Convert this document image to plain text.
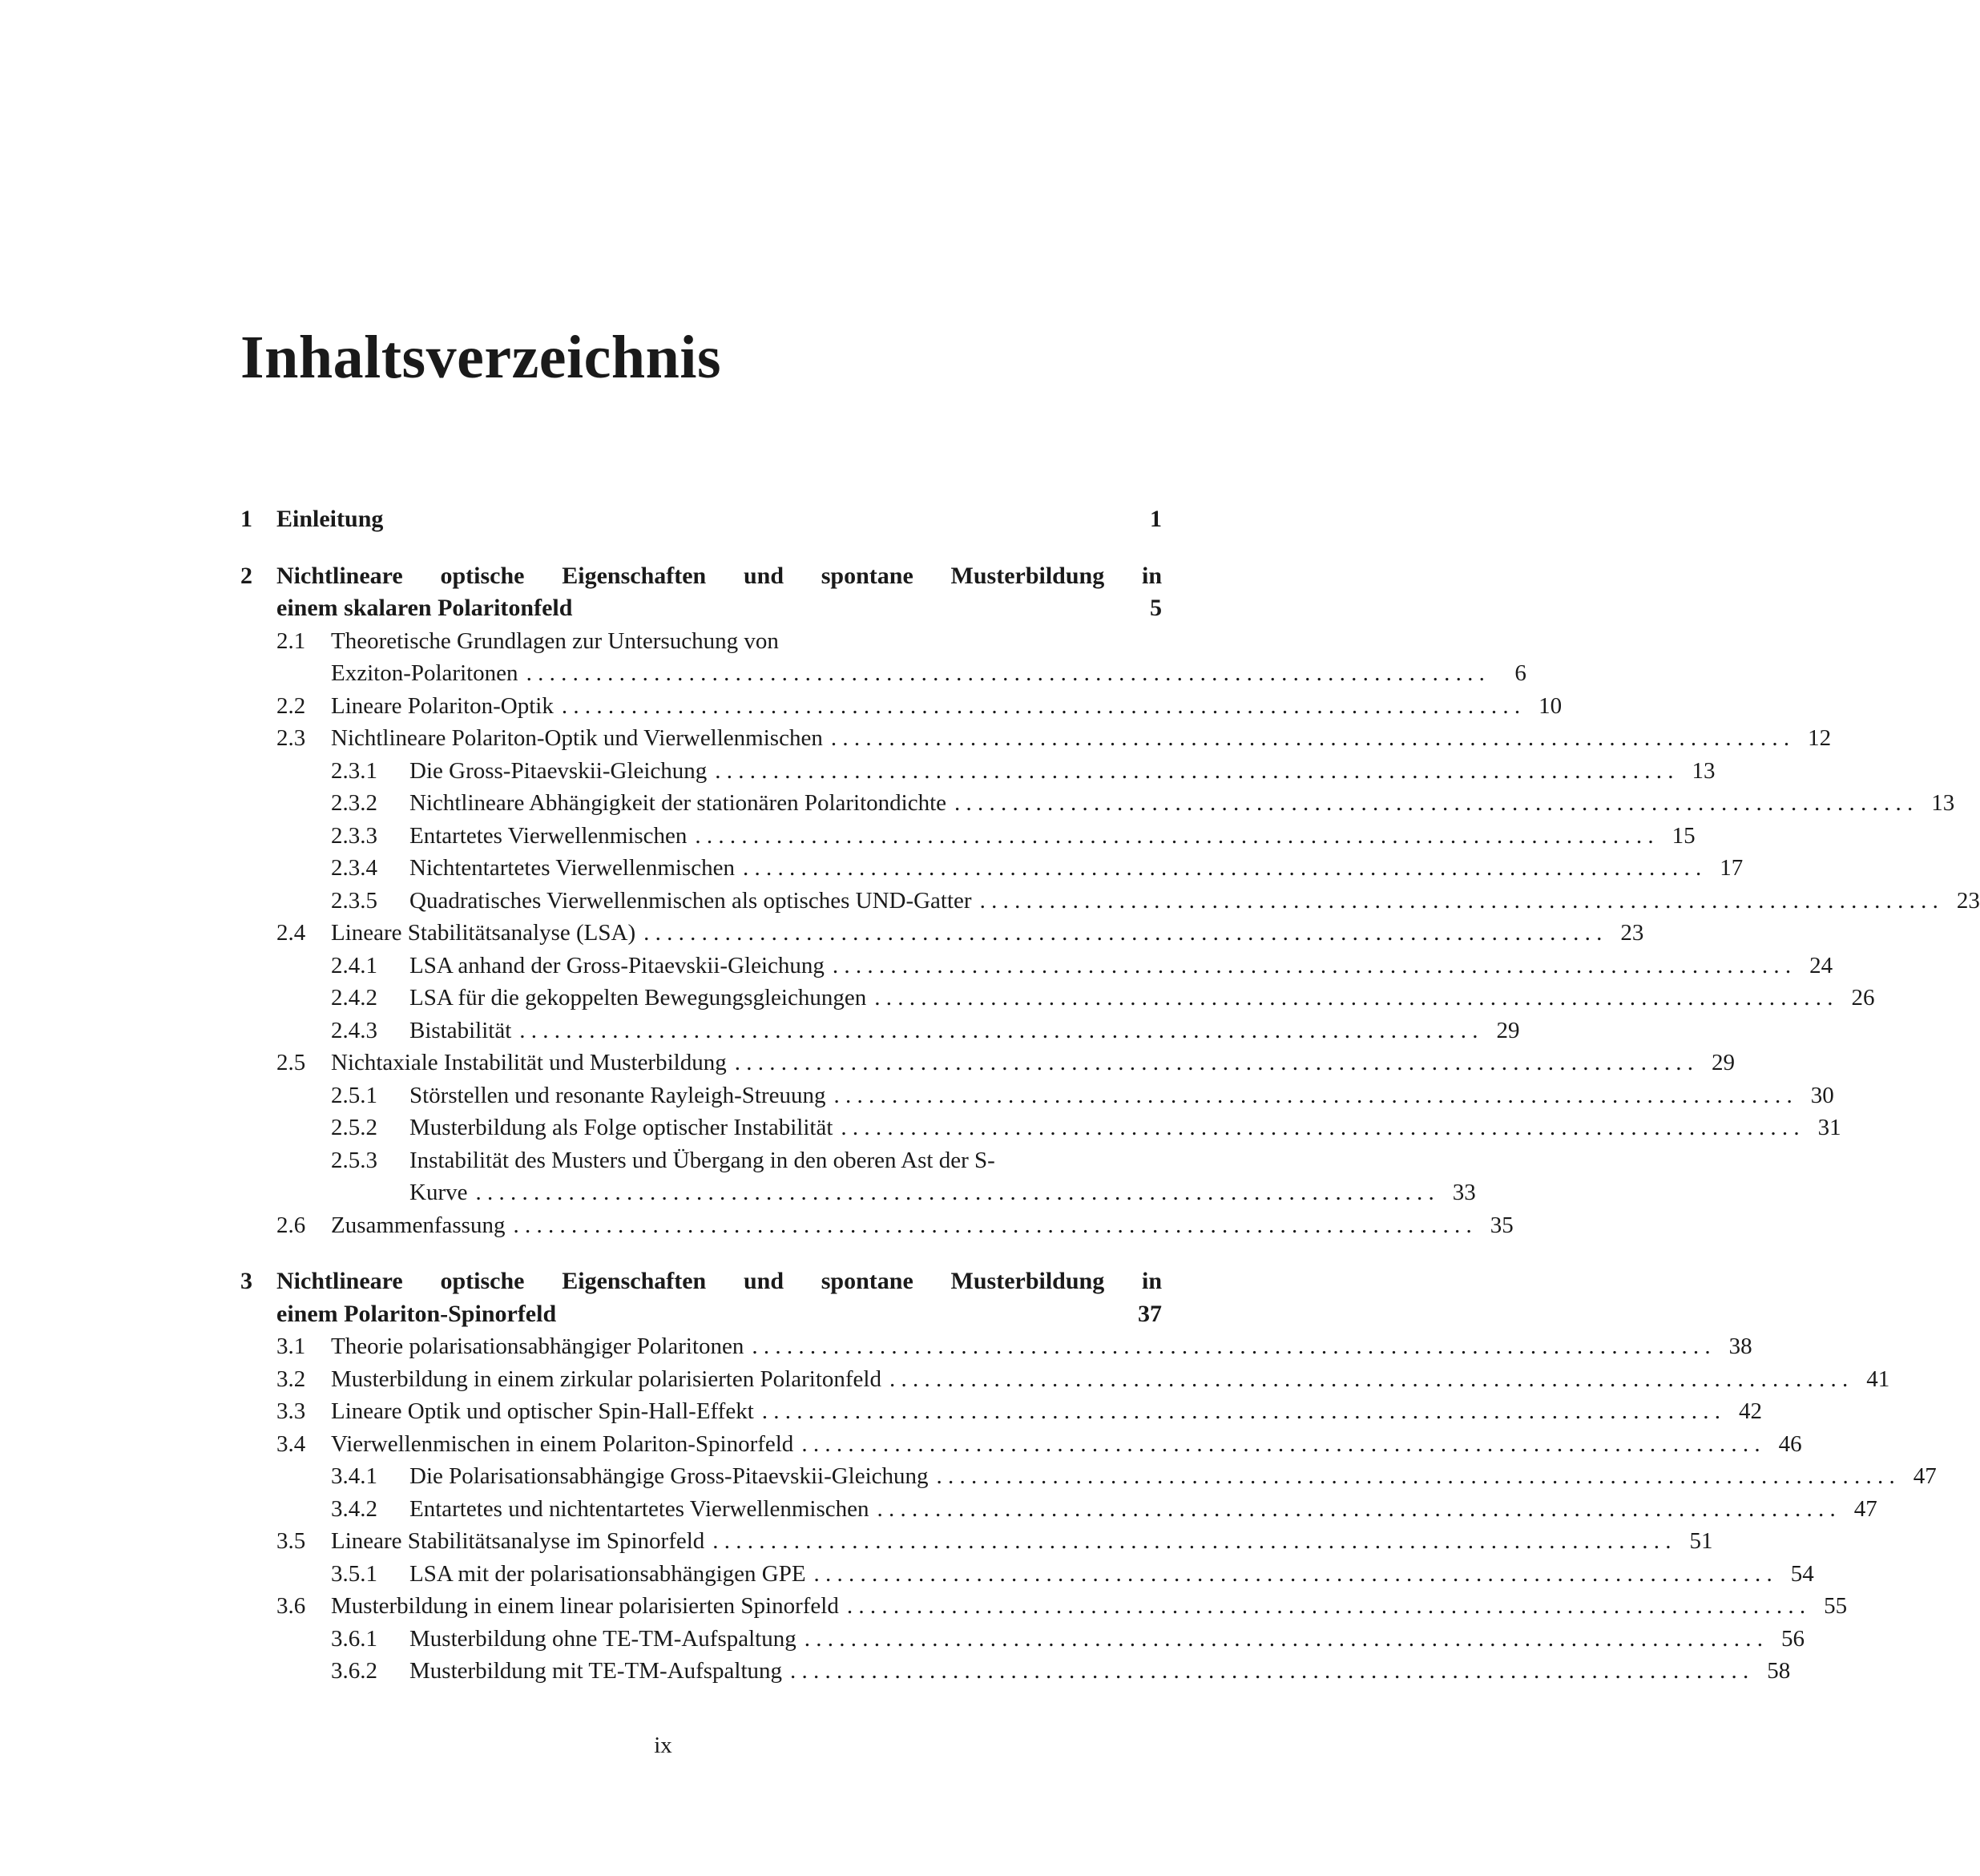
Inhaltsverzeichnis
1	Einleitung	1
2	Nichtlineare optische Eigenschaften und spontane Musterbildung in
einem skalaren Polaritonfeld	5
2.1	Theoretische Grundlagen zur Untersuchung von
Exziton-Polaritonen . . .	6
2.2	Lineare Polariton-Optik . . .	10
2.3	Nichtlineare Polariton-Optik und Vierwellenmischen . . .	12
2.3.1	Die Gross-Pitaevskii-Gleichung . . .	13
2.3.2	Nichtlineare Abhängigkeit der stationären Polaritondichte . . .	13
2.3.3	Entartetes Vierwellenmischen . . .	15
2.3.4	Nichtentartetes Vierwellenmischen . . .	17
2.3.5	Quadratisches Vierwellenmischen als optisches UND-Gatter . . .	23
2.4	Lineare Stabilitätsanalyse (LSA) . . .	23
2.4.1	LSA anhand der Gross-Pitaevskii-Gleichung . . .	24
2.4.2	LSA für die gekoppelten Bewegungsgleichungen . . .	26
2.4.3	Bistabilität . . .	29
2.5	Nichtaxiale Instabilität und Musterbildung . . .	29
2.5.1	Störstellen und resonante Rayleigh-Streuung . . .	30
2.5.2	Musterbildung als Folge optischer Instabilität . . .	31
2.5.3	Instabilität des Musters und Übergang in den oberen Ast der S-
Kurve . . .	33
2.6	Zusammenfassung . . .	35
3	Nichtlineare optische Eigenschaften und spontane Musterbildung in
einem Polariton-Spinorfeld	37
3.1	Theorie polarisationsabhängiger Polaritonen . . .	38
3.2	Musterbildung in einem zirkular polarisierten Polaritonfeld . . .	41
3.3	Lineare Optik und optischer Spin-Hall-Effekt . . .	42
3.4	Vierwellenmischen in einem Polariton-Spinorfeld . . .	46
3.4.1	Die Polarisationsabhängige Gross-Pitaevskii-Gleichung . . .	47
3.4.2	Entartetes und nichtentartetes Vierwellenmischen . . .	47
3.5	Lineare Stabilitätsanalyse im Spinorfeld . . .	51
3.5.1	LSA mit der polarisationsabhängigen GPE . . .	54
3.6	Musterbildung in einem linear polarisierten Spinorfeld . . .	55
3.6.1	Musterbildung ohne TE-TM-Aufspaltung . . .	56
3.6.2	Musterbildung mit TE-TM-Aufspaltung . . .	58
ix
